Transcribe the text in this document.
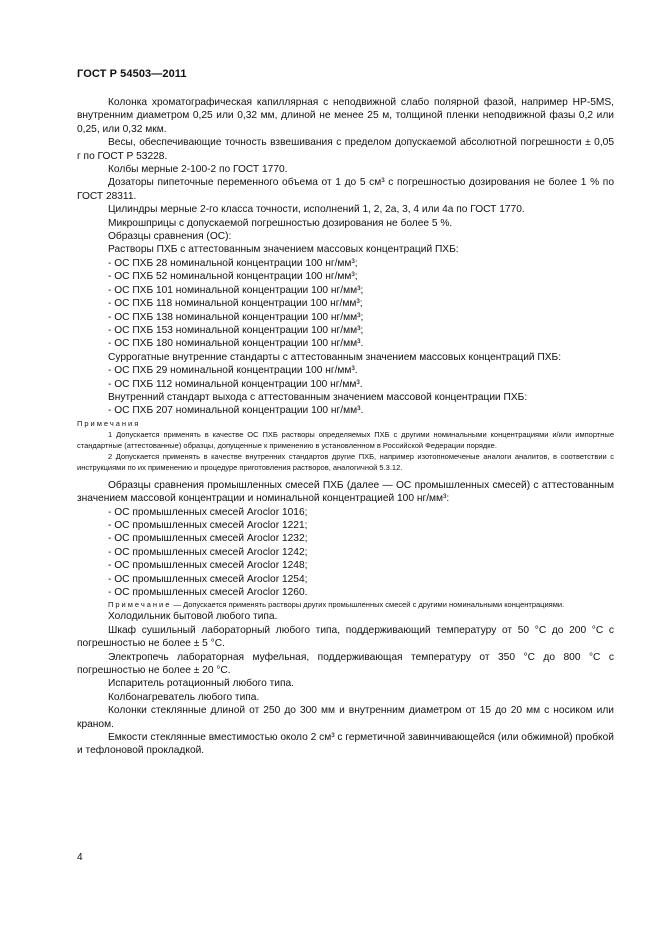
ГОСТ Р 54503—2011

Колонка хроматографическая капиллярная с неподвижной слабо полярной фазой, например HP-5MS, внутренним диаметром 0,25 или 0,32 мм, длиной не менее 25 м, толщиной пленки неподвижной фазы 0,2 или 0,25, или 0,32 мкм.

Весы, обеспечивающие точность взвешивания с пределом допускаемой абсолютной погрешности ± 0,05 г по ГОСТ Р 53228.

Колбы мерные 2-100-2 по ГОСТ 1770.

Дозаторы пипеточные переменного объема от 1 до 5 см³ с погрешностью дозирования не более 1 % по ГОСТ 28311.

Цилиндры мерные 2-го класса точности, исполнений 1, 2, 2а, 3, 4 или 4а по ГОСТ 1770.

Микрошприцы с допускаемой погрешностью дозирования не более 5 %.

Образцы сравнения (ОС):

Растворы ПХБ с аттестованным значением массовых концентраций ПХБ:

- ОС ПХБ 28 номинальной концентрации 100 нг/мм³;

- ОС ПХБ 52 номинальной концентрации 100 нг/мм³;

- ОС ПХБ 101 номинальной концентрации 100 нг/мм³;

- ОС ПХБ 118 номинальной концентрации 100 нг/мм³;

- ОС ПХБ 138 номинальной концентрации 100 нг/мм³;

- ОС ПХБ 153 номинальной концентрации 100 нг/мм³;

- ОС ПХБ 180 номинальной концентрации 100 нг/мм³.

Суррогатные внутренние стандарты с аттестованным значением массовых концентраций ПХБ:

- ОС ПХБ 29 номинальной концентрации 100 нг/мм³.

- ОС ПХБ 112 номинальной концентрации 100 нг/мм³.

Внутренний стандарт выхода с аттестованным значением массовой концентрации ПХБ:

- ОС ПХБ 207 номинальной концентрации 100 нг/мм³.

Примечания

1 Допускается применять в качестве ОС ПХБ растворы определяемых ПХБ с другими номинальными концентрациями и/или импортные стандартные (аттестованные) образцы, допущенные к применению в установленном в Российской Федерации порядке.

2 Допускается применять в качестве внутренних стандартов другие ПХБ, например изотопномеченые аналоги аналитов, в соответствии с инструкциями по их применению и процедуре приготовления растворов, аналогичной 5.3.12.

Образцы сравнения промышленных смесей ПХБ (далее — ОС промышленных смесей) с аттестованным значением массовой концентрации и номинальной концентрацией 100 нг/мм³:

- ОС промышленных смесей Aroclor 1016;

- ОС промышленных смесей Aroclor 1221;

- ОС промышленных смесей Aroclor 1232;

- ОС промышленных смесей Aroclor 1242;

- ОС промышленных смесей Aroclor 1248;

- ОС промышленных смесей Aroclor 1254;

- ОС промышленных смесей Aroclor 1260.

Примечание — Допускается применять растворы других промышленных смесей с другими номинальными концентрациями.

Холодильник бытовой любого типа.

Шкаф сушильный лабораторный любого типа, поддерживающий температуру от 50 °С до 200 °С с погрешностью не более ± 5 °С.

Электропечь лабораторная муфельная, поддерживающая температуру от 350 °С до 800 °С с погрешностью не более ± 20 °С.

Испаритель ротационный любого типа.

Колбонагреватель любого типа.

Колонки стеклянные длиной от 250 до 300 мм и внутренним диаметром от 15 до 20 мм с носиком или краном.

Емкости стеклянные вместимостью около 2 см³ с герметичной завинчивающейся (или обжимной) пробкой и тефлоновой прокладкой.

4
